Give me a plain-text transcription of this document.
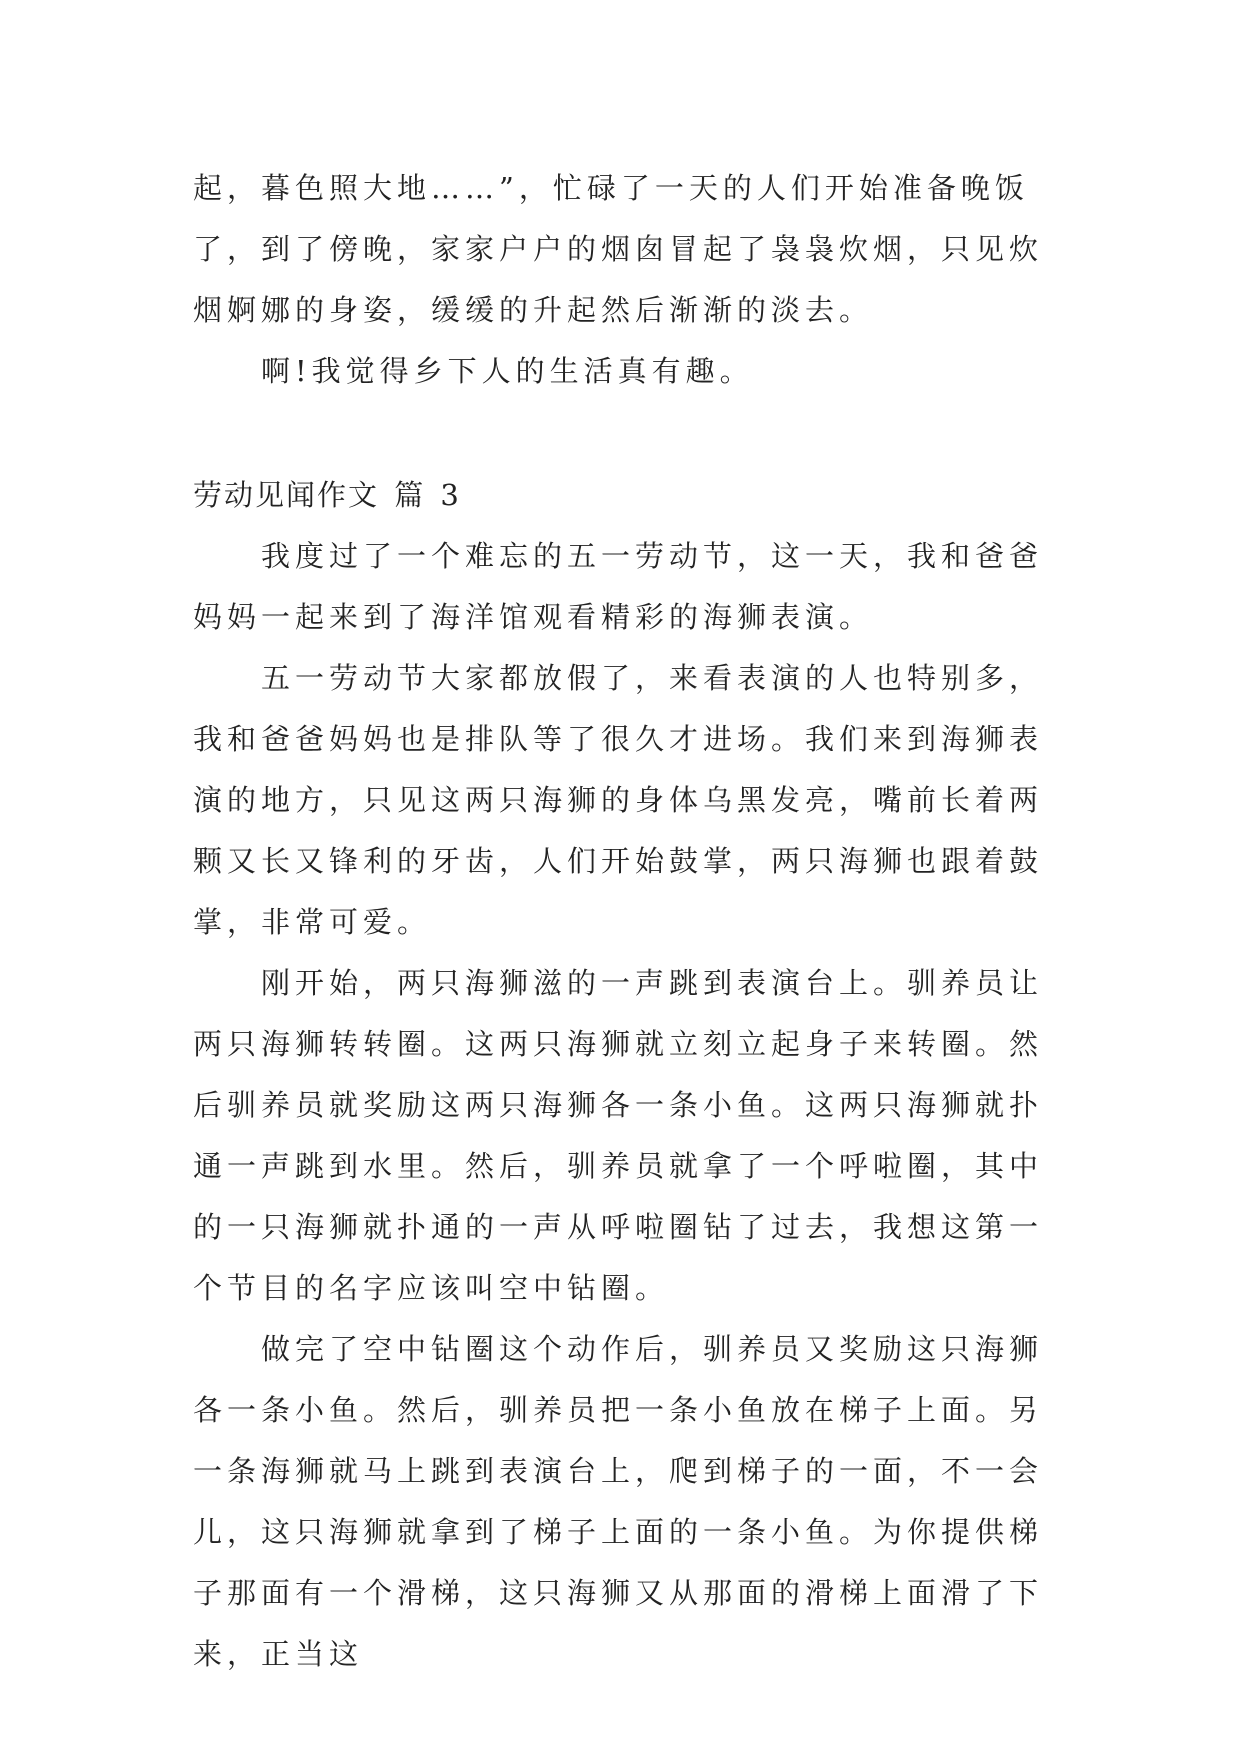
起，暮色照大地……”，忙碌了一天的人们开始准备晚饭了，到了傍晚，家家户户的烟囱冒起了袅袅炊烟，只见炊烟婀娜的身姿，缓缓的升起然后渐渐的淡去。

啊!我觉得乡下人的生活真有趣。

劳动见闻作文 篇 3

我度过了一个难忘的五一劳动节，这一天，我和爸爸妈妈一起来到了海洋馆观看精彩的海狮表演。

五一劳动节大家都放假了，来看表演的人也特别多，我和爸爸妈妈也是排队等了很久才进场。我们来到海狮表演的地方，只见这两只海狮的身体乌黑发亮，嘴前长着两颗又长又锋利的牙齿，人们开始鼓掌，两只海狮也跟着鼓掌，非常可爱。

刚开始，两只海狮滋的一声跳到表演台上。驯养员让两只海狮转转圈。这两只海狮就立刻立起身子来转圈。然后驯养员就奖励这两只海狮各一条小鱼。这两只海狮就扑通一声跳到水里。然后，驯养员就拿了一个呼啦圈，其中的一只海狮就扑通的一声从呼啦圈钻了过去，我想这第一个节目的名字应该叫空中钻圈。

做完了空中钻圈这个动作后，驯养员又奖励这只海狮各一条小鱼。然后，驯养员把一条小鱼放在梯子上面。另一条海狮就马上跳到表演台上，爬到梯子的一面，不一会儿，这只海狮就拿到了梯子上面的一条小鱼。为你提供梯子那面有一个滑梯，这只海狮又从那面的滑梯上面滑了下来，正当这
